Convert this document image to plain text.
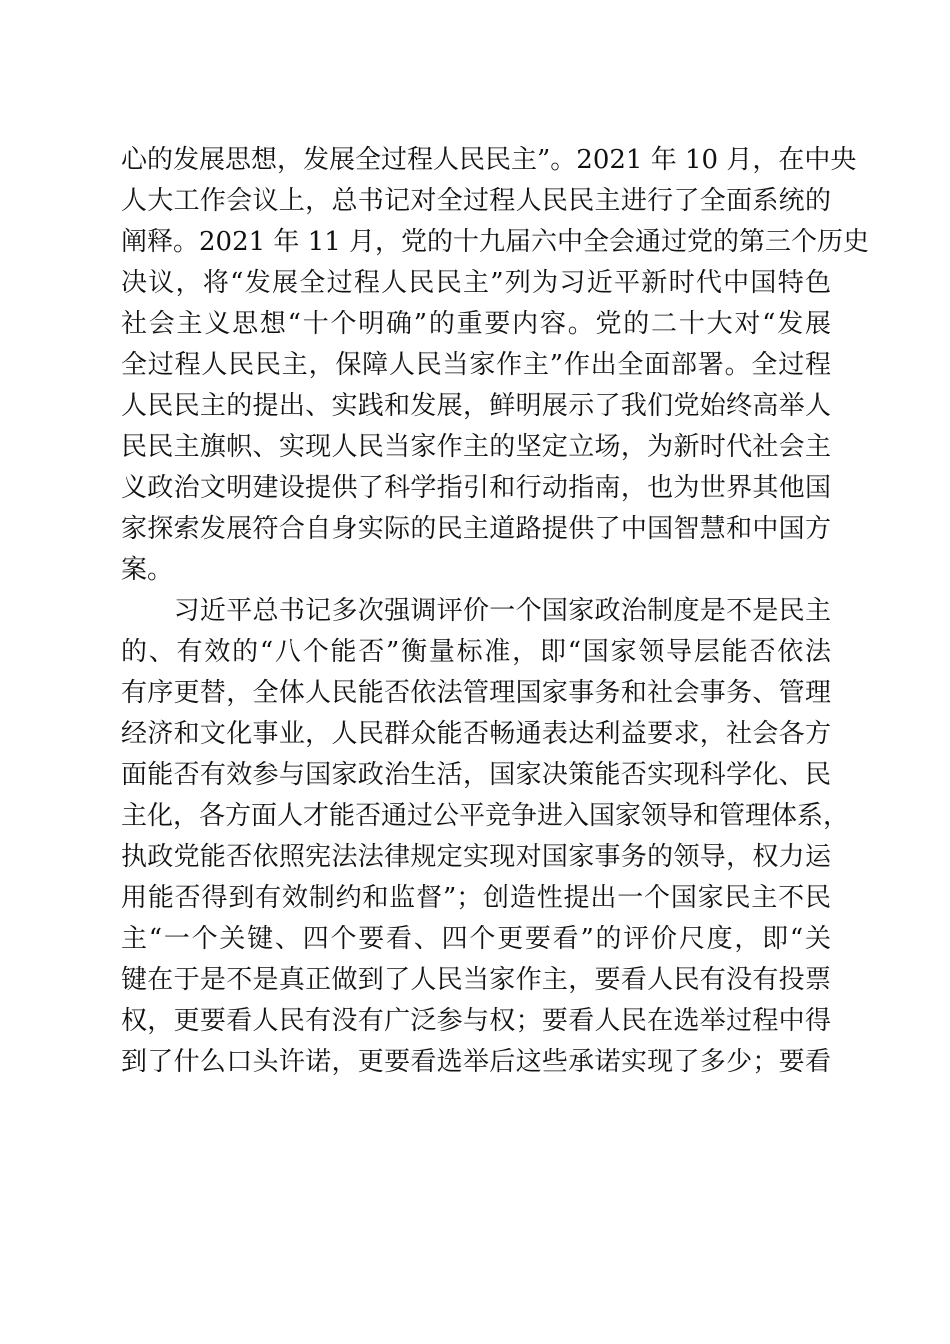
心的发展思想，发展全过程人民民主”。2021 年 10 月，在中央
人大工作会议上，总书记对全过程人民民主进行了全面系统的
阐释。2021 年 11 月，党的十九届六中全会通过党的第三个历史
决议，将“发展全过程人民民主”列为习近平新时代中国特色
社会主义思想“十个明确”的重要内容。党的二十大对“发展
全过程人民民主，保障人民当家作主”作出全面部署。全过程
人民民主的提出、实践和发展，鲜明展示了我们党始终高举人
民民主旗帜、实现人民当家作主的坚定立场，为新时代社会主
义政治文明建设提供了科学指引和行动指南，也为世界其他国
家探索发展符合自身实际的民主道路提供了中国智慧和中国方
案。
　　习近平总书记多次强调评价一个国家政治制度是不是民主
的、有效的“八个能否”衡量标准，即“国家领导层能否依法
有序更替，全体人民能否依法管理国家事务和社会事务、管理
经济和文化事业，人民群众能否畅通表达利益要求，社会各方
面能否有效参与国家政治生活，国家决策能否实现科学化、民
主化，各方面人才能否通过公平竞争进入国家领导和管理体系，
执政党能否依照宪法法律规定实现对国家事务的领导，权力运
用能否得到有效制约和监督”；创造性提出一个国家民主不民
主“一个关键、四个要看、四个更要看”的评价尺度，即“关
键在于是不是真正做到了人民当家作主，要看人民有没有投票
权，更要看人民有没有广泛参与权；要看人民在选举过程中得
到了什么口头许诺，更要看选举后这些承诺实现了多少；要看
